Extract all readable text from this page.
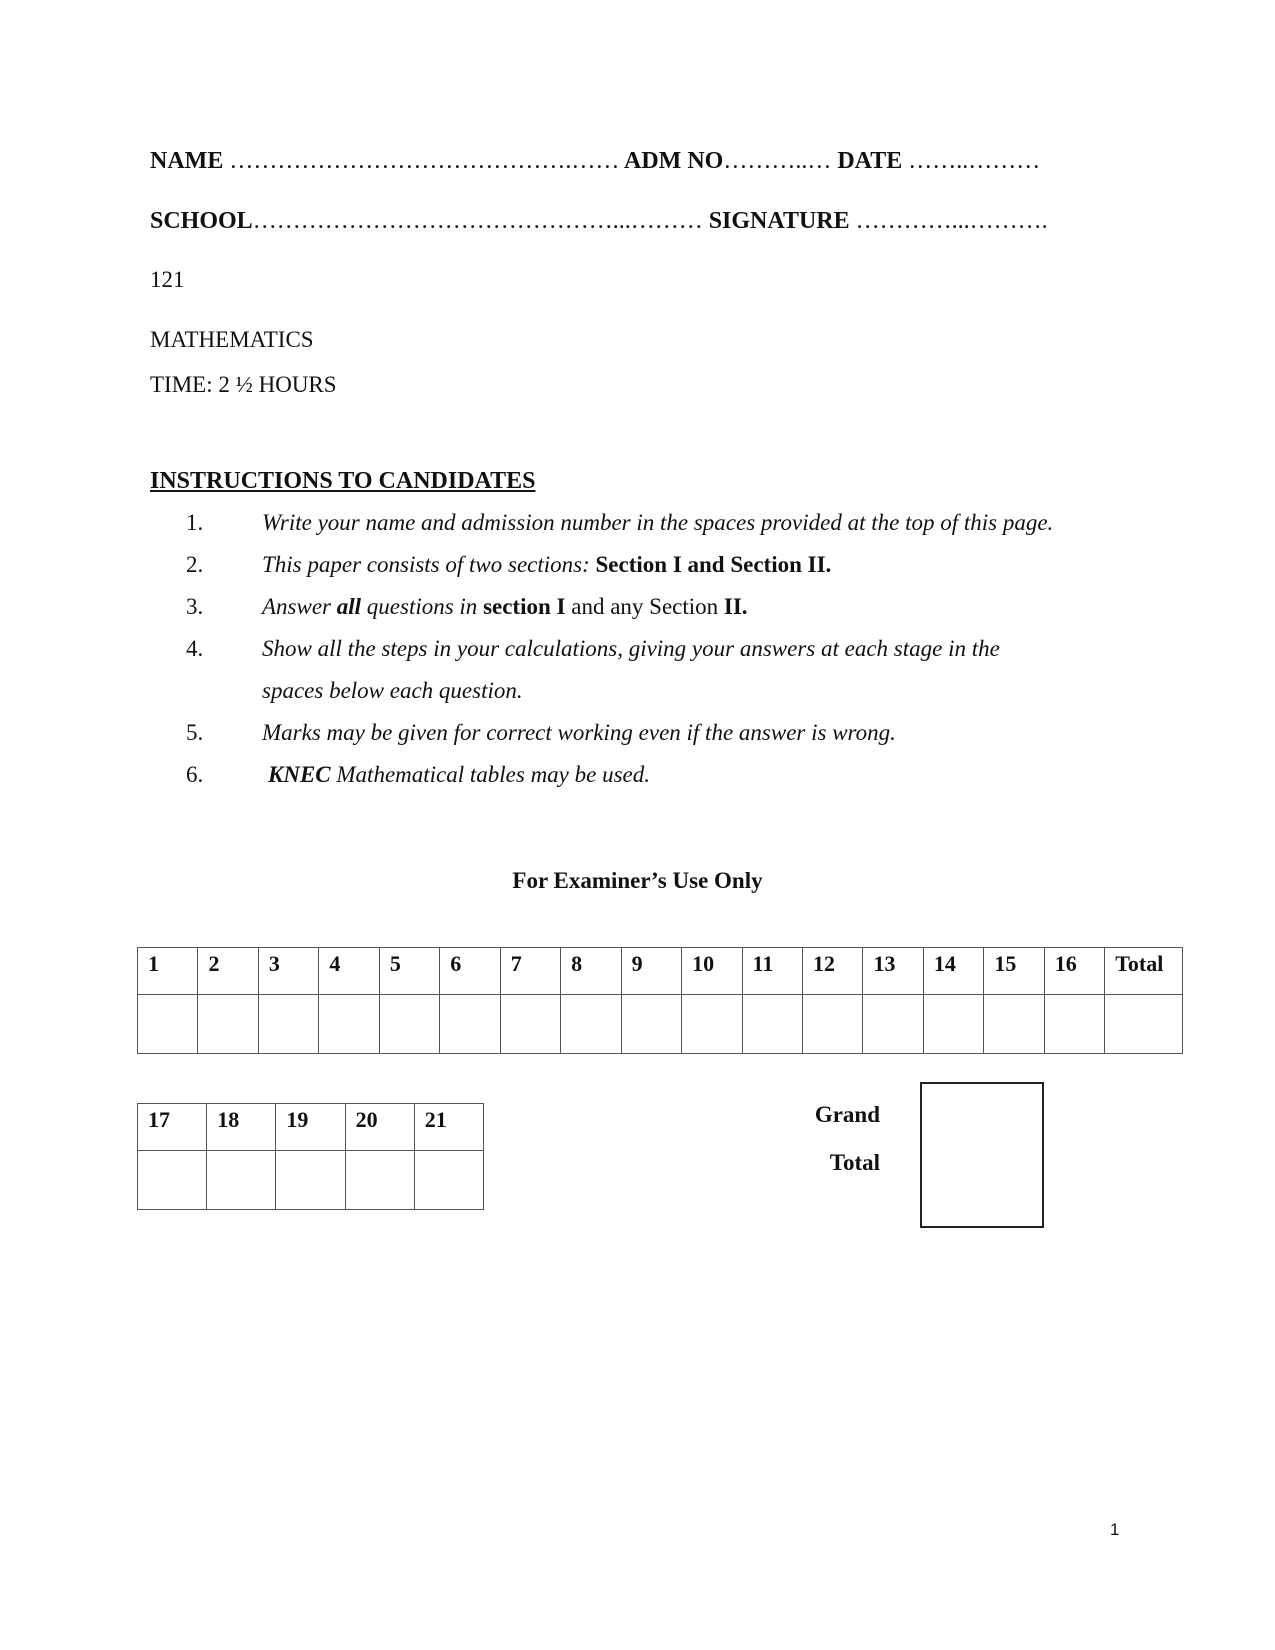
NAME …………………………………….…… ADM NO………..… DATE ……..………
SCHOOL………………………………………...……… SIGNATURE …………...……….
121
MATHEMATICS
TIME: 2 ½ HOURS
INSTRUCTIONS TO CANDIDATES
1.	Write your name and admission number in the spaces provided at the top of this page.
2.	This paper consists of two sections: Section I and Section II.
3.	Answer all questions in section I and any Section II.
4.	Show all the steps in your calculations, giving your answers at each stage in the
spaces below each question.
5.	Marks may be given for correct working even if the answer is wrong.
6.	KNEC Mathematical tables may be used.
For Examiner’s Use Only
1	2	3	4	5	6	7	8	9	10	11	12	13	14	15	16	Total

17	18	19	20	21

					Grand
Total
1
